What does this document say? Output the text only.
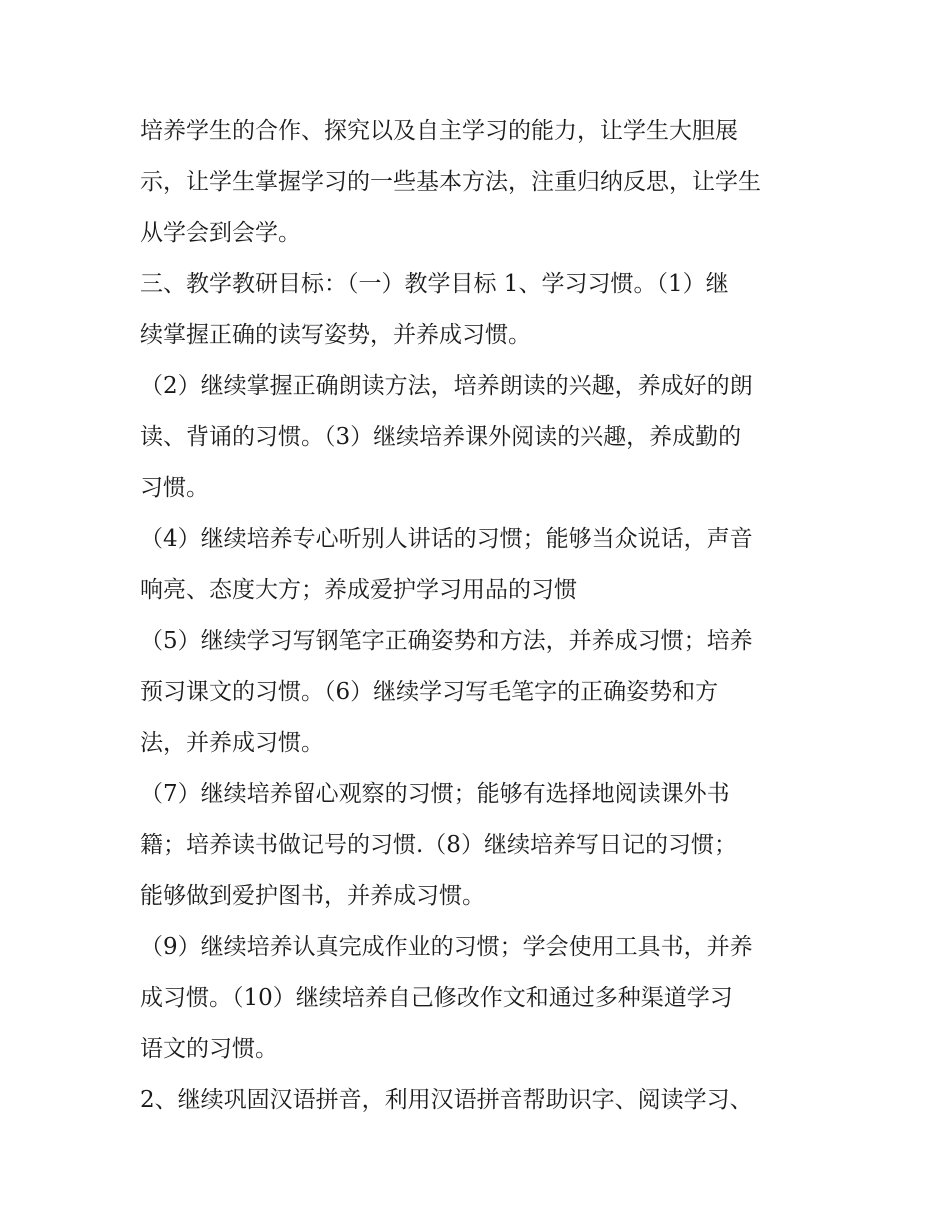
培养学生的合作、探究以及自主学习的能力，让学生大胆展
示，让学生掌握学习的一些基本方法，注重归纳反思，让学生
从学会到会学。
三、教学教研目标：（一）教学目标 1、学习习惯。（1）继
续掌握正确的读写姿势，并养成习惯。
（2）继续掌握正确朗读方法，培养朗读的兴趣，养成好的朗
读、背诵的习惯。（3）继续培养课外阅读的兴趣，养成勤的
习惯。
（4）继续培养专心听别人讲话的习惯；能够当众说话，声音
响亮、态度大方；养成爱护学习用品的习惯
（5）继续学习写钢笔字正确姿势和方法，并养成习惯；培养
预习课文的习惯。（6）继续学习写毛笔字的正确姿势和方
法，并养成习惯。
（7）继续培养留心观察的习惯；能够有选择地阅读课外书
籍；培养读书做记号的习惯.（8）继续培养写日记的习惯；
能够做到爱护图书，并养成习惯。
（9）继续培养认真完成作业的习惯；学会使用工具书，并养
成习惯。（10）继续培养自己修改作文和通过多种渠道学习
语文的习惯。
2、继续巩固汉语拼音，利用汉语拼音帮助识字、阅读学习、
